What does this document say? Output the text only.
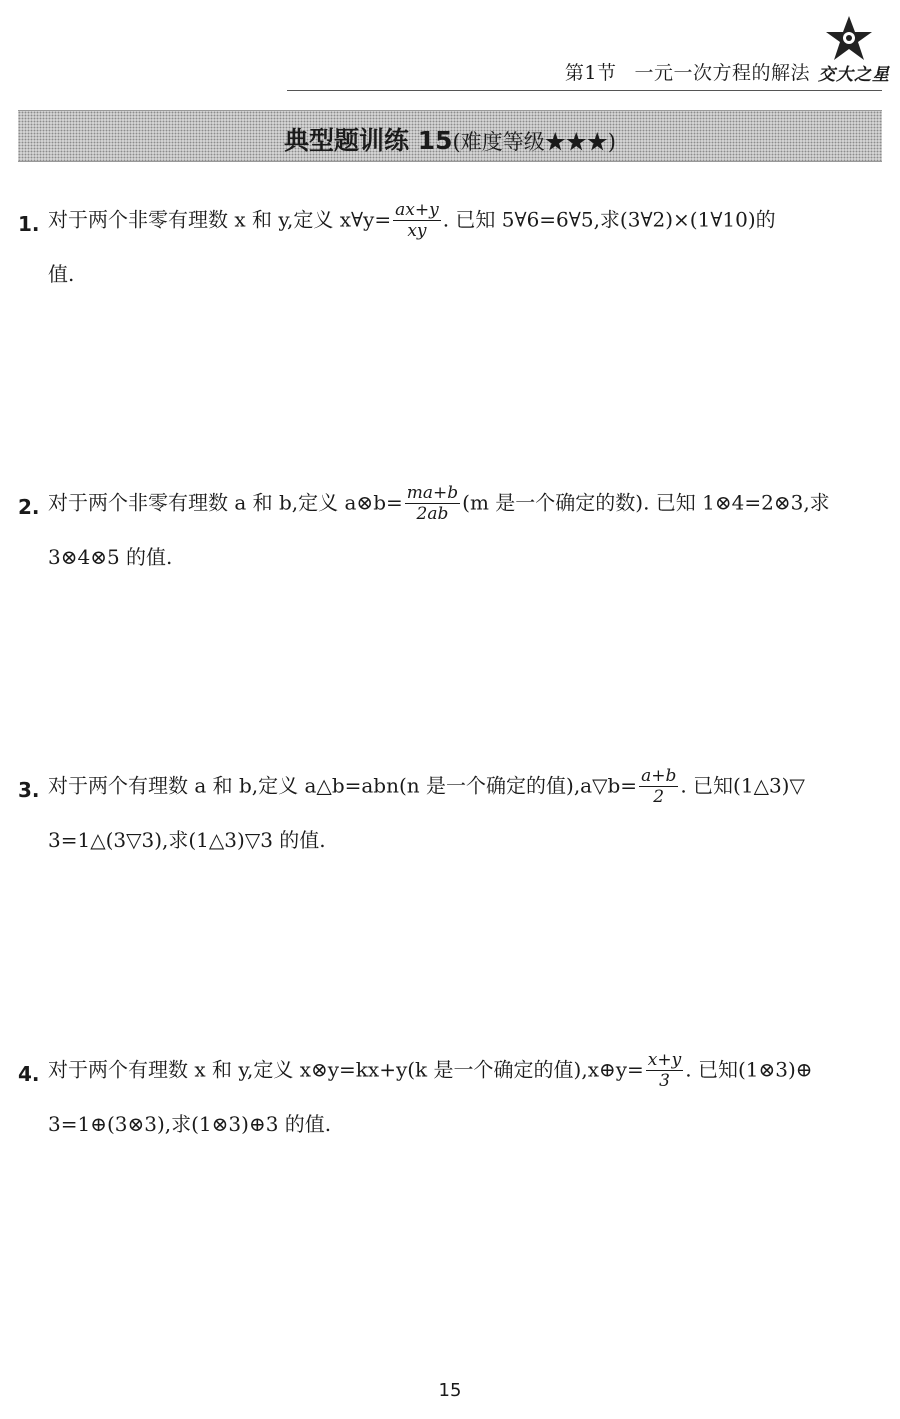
第1节 一元一次方程的解法 交大之星
典型题训练 15(难度等级★★★)
1. 对于两个非零有理数 x 和 y,定义 x∀y= $\frac{ax+y}{xy}$ . 已知 5∀6=6∀5,求(3∀2)×(1∀10)的
值.
2. 对于两个非零有理数 a 和 b,定义 a⊗b= $\frac{ma+b}{2ab} (m$ 是一个确定的数). 已知 1⊗4=2⊗3,求
3⊗4⊗5 的值.
3. 对于两个有理数 a 和 b,定义 a△b=abn(n 是一个确定的值),a▽b= $\frac{a+b}{2}$ . 已知(1△3)▽
3=1△(3▽3),求(1△3)▽3 的值.
4. 对于两个有理数 x 和 y,定义 x⊗y=kx+y(k 是一个确定的值),x⊕y= $\frac{x+y}{3}$ . 已知(1⊗3)⊕
3=1⊕(3⊗3),求(1⊗3)⊕3 的值.
15
